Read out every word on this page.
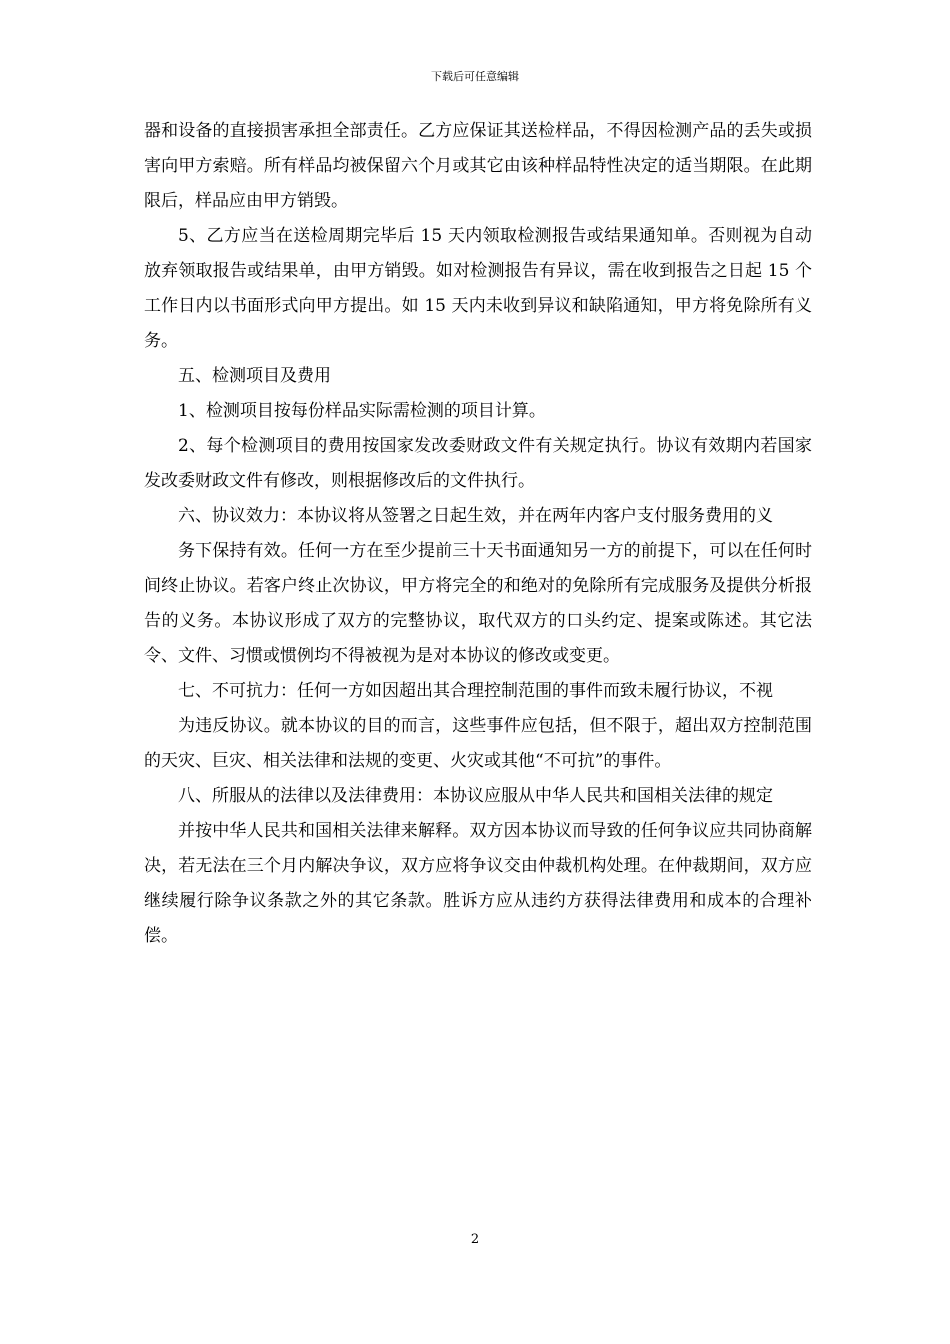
下载后可任意编辑

器和设备的直接损害承担全部责任。乙方应保证其送检样品，不得因检测产品的丢失或损害向甲方索赔。所有样品均被保留六个月或其它由该种样品特性决定的适当期限。在此期限后，样品应由甲方销毁。

5、乙方应当在送检周期完毕后 15 天内领取检测报告或结果通知单。否则视为自动放弃领取报告或结果单，由甲方销毁。如对检测报告有异议，需在收到报告之日起 15 个工作日内以书面形式向甲方提出。如 15 天内未收到异议和缺陷通知，甲方将免除所有义务。

五、检测项目及费用

1、检测项目按每份样品实际需检测的项目计算。

2、每个检测项目的费用按国家发改委财政文件有关规定执行。协议有效期内若国家发改委财政文件有修改，则根据修改后的文件执行。

六、协议效力：本协议将从签署之日起生效，并在两年内客户支付服务费用的义

务下保持有效。任何一方在至少提前三十天书面通知另一方的前提下，可以在任何时间终止协议。若客户终止次协议，甲方将完全的和绝对的免除所有完成服务及提供分析报告的义务。本协议形成了双方的完整协议，取代双方的口头约定、提案或陈述。其它法令、文件、习惯或惯例均不得被视为是对本协议的修改或变更。

七、不可抗力：任何一方如因超出其合理控制范围的事件而致未履行协议，不视

为违反协议。就本协议的目的而言，这些事件应包括，但不限于，超出双方控制范围的天灾、巨灾、相关法律和法规的变更、火灾或其他“不可抗”的事件。

八、所服从的法律以及法律费用：本协议应服从中华人民共和国相关法律的规定

并按中华人民共和国相关法律来解释。双方因本协议而导致的任何争议应共同协商解决，若无法在三个月内解决争议，双方应将争议交由仲裁机构处理。在仲裁期间，双方应继续履行除争议条款之外的其它条款。胜诉方应从违约方获得法律费用和成本的合理补偿。

2
